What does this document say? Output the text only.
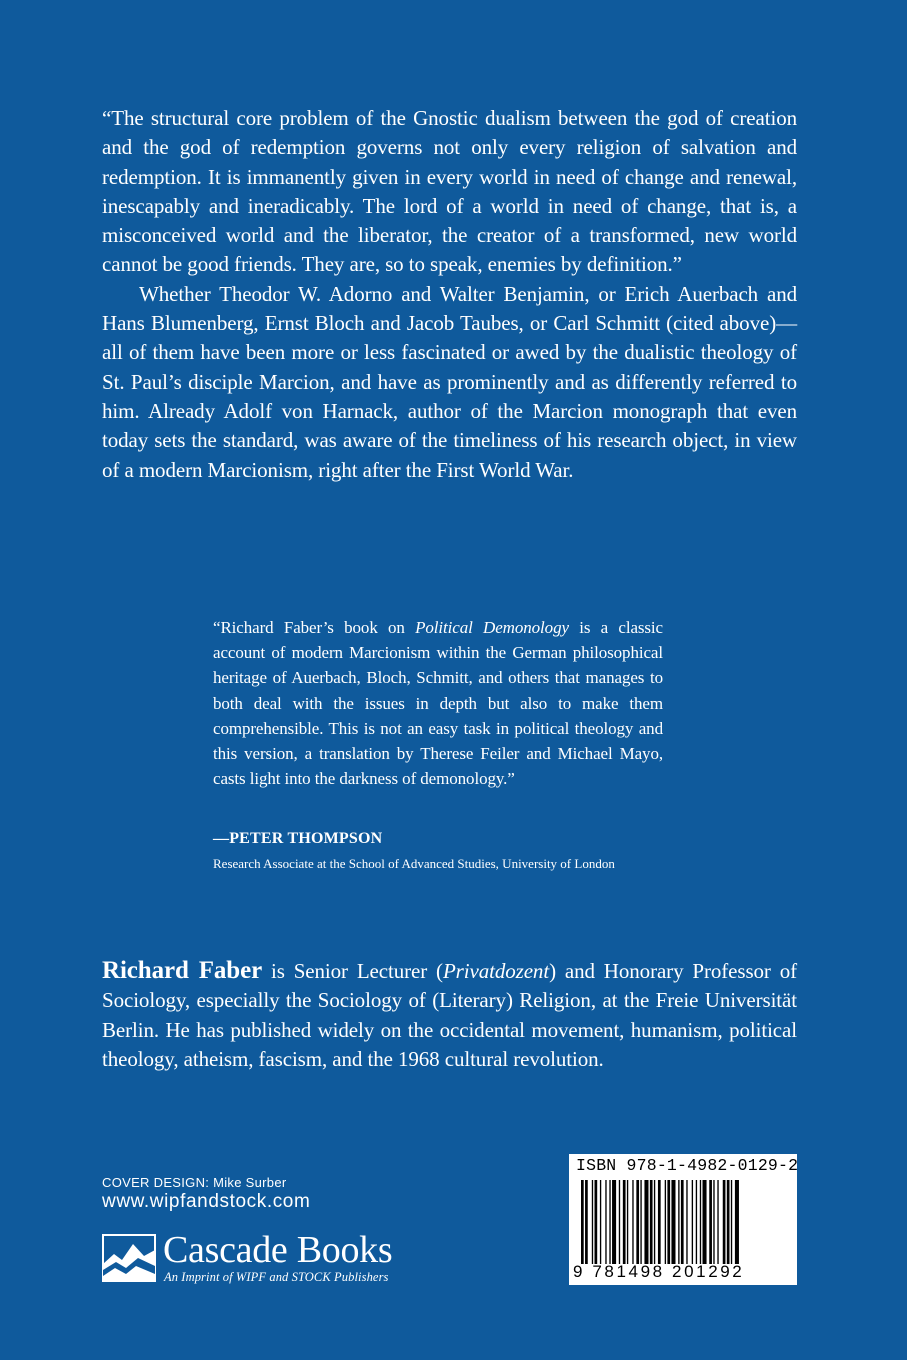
“The structural core problem of the Gnostic dualism between the god of creation and the god of redemption governs not only every religion of salvation and redemption. It is immanently given in every world in need of change and renewal, inescapably and ineradicably. The lord of a world in need of change, that is, a misconceived world and the liberator, the creator of a transformed, new world cannot be good friends. They are, so to speak, enemies by definition.”

Whether Theodor W. Adorno and Walter Benjamin, or Erich Auerbach and Hans Blumenberg, Ernst Bloch and Jacob Taubes, or Carl Schmitt (cited above)—all of them have been more or less fascinated or awed by the dualistic theology of St. Paul’s disciple Marcion, and have as prominently and as differently referred to him. Already Adolf von Harnack, author of the Marcion monograph that even today sets the standard, was aware of the timeliness of his research object, in view of a modern Marcionism, right after the First World War.

“Richard Faber’s book on Political Demonology is a classic account of modern Marcionism within the German philosophical heritage of Auerbach, Bloch, Schmitt, and others that manages to both deal with the issues in depth but also to make them comprehensible. This is not an easy task in political theology and this version, a translation by Therese Feiler and Michael Mayo, casts light into the darkness of demonology.”

—PETER THOMPSON
Research Associate at the School of Advanced Studies, University of London
Richard Faber is Senior Lecturer (Privatdozent) and Honorary Professor of Sociology, especially the Sociology of (Literary) Religion, at the Freie Universität Berlin. He has published widely on the occidental movement, humanism, political theology, atheism, fascism, and the 1968 cultural revolution.
COVER DESIGN: Mike Surber
www.wipfandstock.com
Cascade Books
An Imprint of WIPF and STOCK Publishers
ISBN 978-1-4982-0129-2
9 781498 201292
